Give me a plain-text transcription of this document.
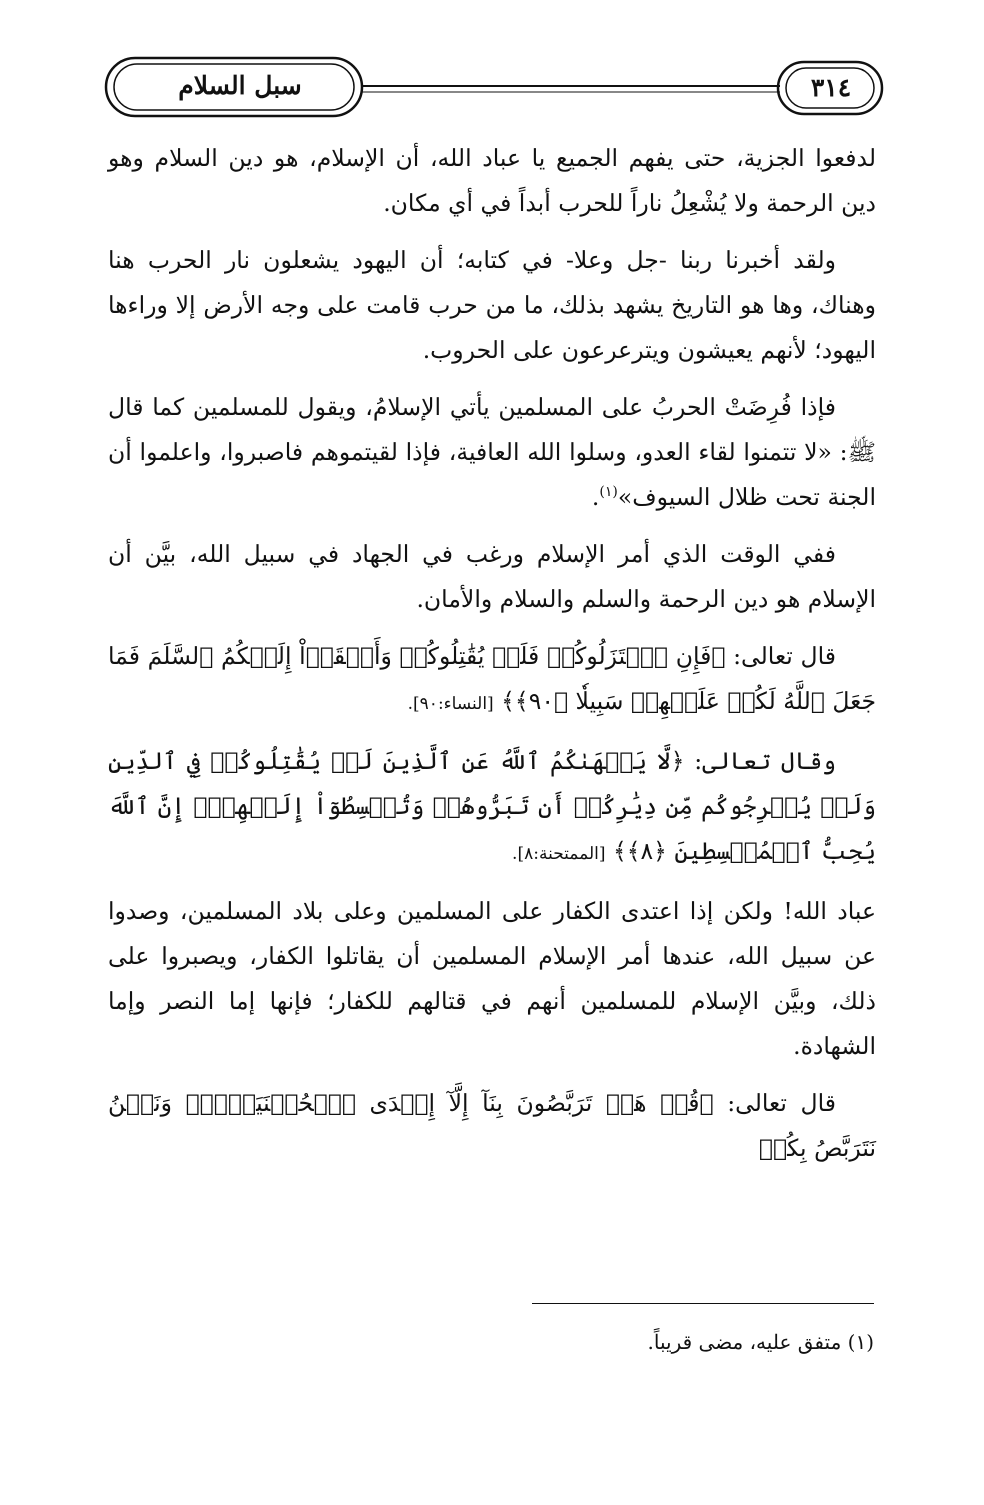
سبل السلام	٣١٤

لدفعوا الجزية، حتى يفهم الجميع يا عباد الله، أن الإسلام، هو دين السلام وهو دين الرحمة ولا يُشْعِلُ ناراً للحرب أبداً في أي مكان.

ولقد أخبرنا ربنا -جل وعلا- في كتابه؛ أن اليهود يشعلون نار الحرب هنا وهناك، وها هو التاريخ يشهد بذلك، ما من حرب قامت على وجه الأرض إلا وراءها اليهود؛ لأنهم يعيشون ويترعرعون على الحروب.

فإذا فُرِضَتْ الحربُ على المسلمين يأتي الإسلامُ، ويقول للمسلمين كما قال ﷺ: «لا تتمنوا لقاء العدو، وسلوا الله العافية، فإذا لقيتموهم فاصبروا، واعلموا أن الجنة تحت ظلال السيوف»$^{(١)}$.

ففي الوقت الذي أمر الإسلام ورغب في الجهاد في سبيل الله، بيَّن أن الإسلام هو دين الرحمة والسلم والسلام والأمان.

قال تعالى: ﴿فَإِنِ ٱعۡتَزَلُوكُمۡ فَلَمۡ يُقَٰتِلُوكُمۡ وَأَلۡقَوۡاْ إِلَيۡكُمُ ٱلسَّلَمَ فَمَا جَعَلَ ٱللَّهُ لَكُمۡ عَلَيۡهِمۡ سَبِيلٗا ﴿٩٠﴾﴾ [النساء:٩٠].

وقال تعالى: ﴿لَّا يَنۡهَىٰكُمُ ٱللَّهُ عَنِ ٱلَّذِينَ لَمۡ يُقَٰتِلُوكُمۡ فِي ٱلدِّينِ وَلَمۡ يُخۡرِجُوكُم مِّن دِيَٰرِكُمۡ أَن تَبَرُّوهُمۡ وَتُقۡسِطُوٓاْ إِلَيۡهِمۡۚ إِنَّ ٱللَّهَ يُحِبُّ ٱلۡمُقۡسِطِينَ ﴿٨﴾﴾ [الممتحنة:٨].

عباد الله! ولكن إذا اعتدى الكفار على المسلمين وعلى بلاد المسلمين، وصدوا عن سبيل الله، عندها أمر الإسلام المسلمين أن يقاتلوا الكفار، ويصبروا على ذلك، وبيَّن الإسلام للمسلمين أنهم في قتالهم للكفار؛ فإنها إما النصر وإما الشهادة.

قال تعالى: ﴿قُلۡ هَلۡ تَرَبَّصُونَ بِنَآ إِلَّآ إِحۡدَى ٱلۡحُسۡنَيَيۡنِۖ وَنَحۡنُ نَتَرَبَّصُ بِكُمۡ

(١) متفق عليه، مضى قريباً.
